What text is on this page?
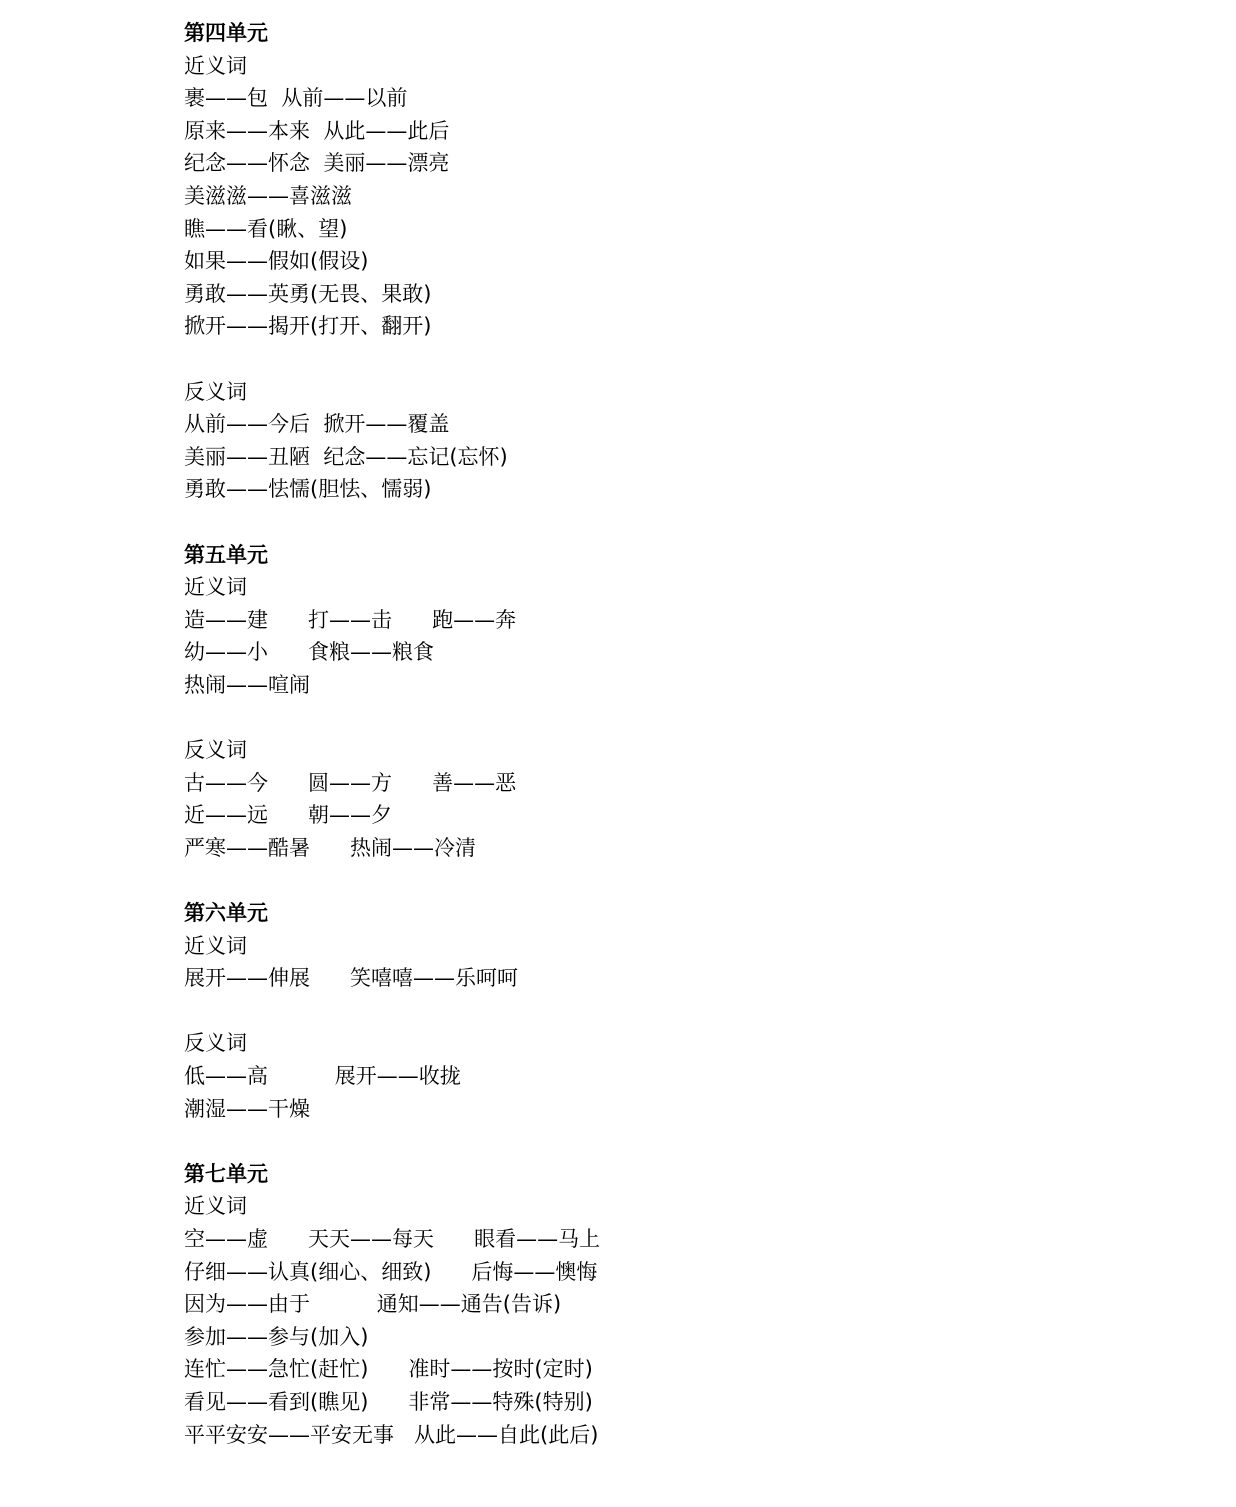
第四单元
近义词
裹——包  从前——以前
原来——本来  从此——此后
纪念——怀念  美丽——漂亮
美滋滋——喜滋滋
瞧——看(瞅、望)
如果——假如(假设)
勇敢——英勇(无畏、果敢)
掀开——揭开(打开、翻开)
反义词
从前——今后  掀开——覆盖
美丽——丑陋  纪念——忘记(忘怀)
勇敢——怯懦(胆怯、懦弱)
第五单元
近义词
造——建      打——击      跑——奔
幼——小      食粮——粮食
热闹——喧闹
反义词
古——今      圆——方      善——恶
近——远      朝——夕
严寒——酷暑      热闹——冷清
第六单元
近义词
展开——伸展      笑嘻嘻——乐呵呵
反义词
低——高          展开——收拢
潮湿——干燥
第七单元
近义词
空——虚      天天——每天      眼看——马上
仔细——认真(细心、细致)      后悔——懊悔
因为——由于          通知——通告(告诉)
参加——参与(加入)
连忙——急忙(赶忙)      准时——按时(定时)
看见——看到(瞧见)      非常——特殊(特别)
平平安安——平安无事   从此——自此(此后)
